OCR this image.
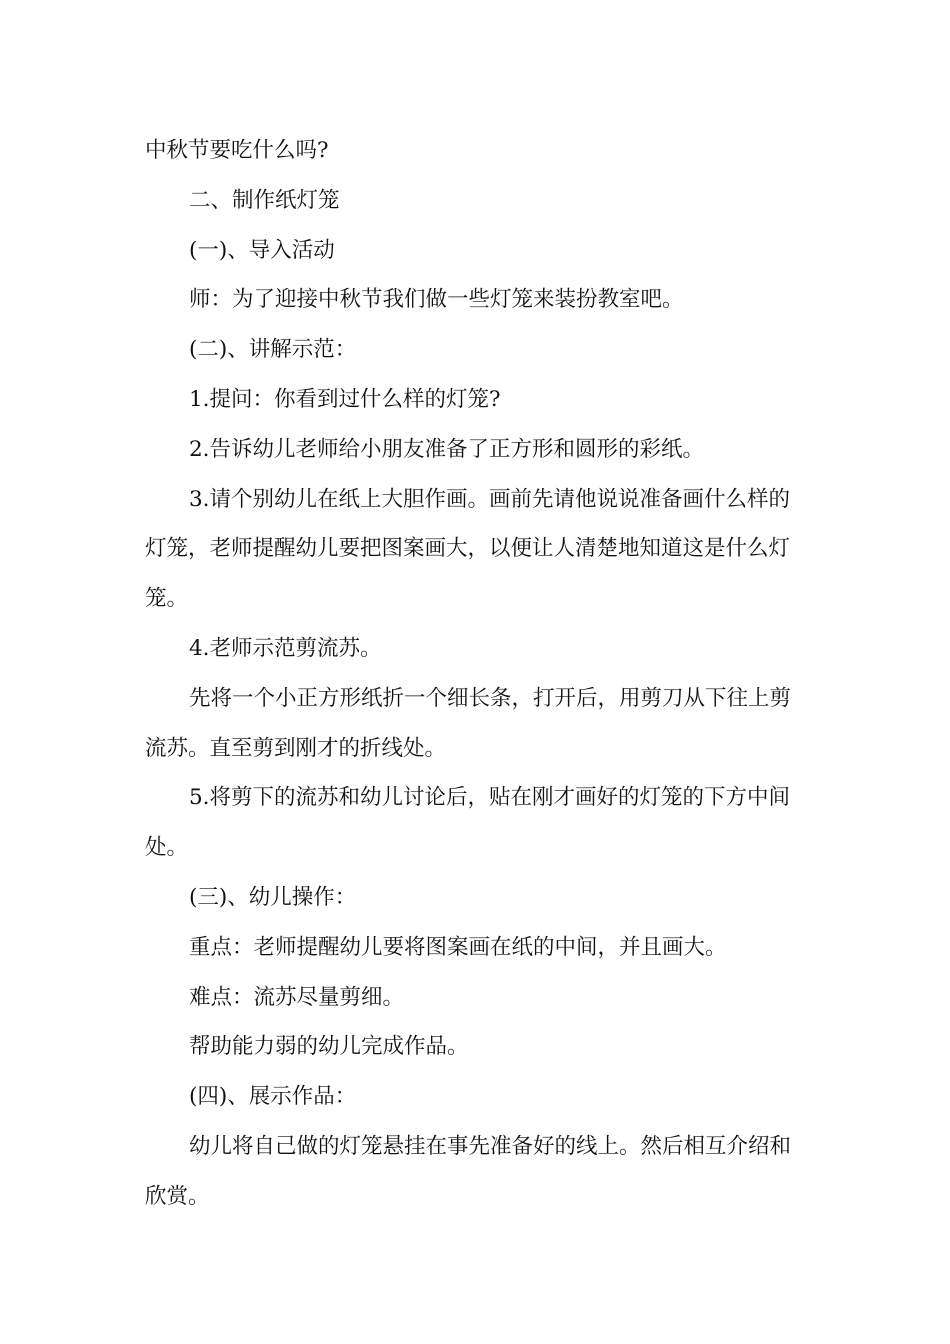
中秋节要吃什么吗?

二、制作纸灯笼

(一)、导入活动

师：为了迎接中秋节我们做一些灯笼来装扮教室吧。

(二)、讲解示范：

1.提问：你看到过什么样的灯笼?

2.告诉幼儿老师给小朋友准备了正方形和圆形的彩纸。

3.请个别幼儿在纸上大胆作画。画前先请他说说准备画什么样的灯笼，老师提醒幼儿要把图案画大，以便让人清楚地知道这是什么灯笼。

4.老师示范剪流苏。

先将一个小正方形纸折一个细长条，打开后，用剪刀从下往上剪流苏。直至剪到刚才的折线处。

5.将剪下的流苏和幼儿讨论后，贴在刚才画好的灯笼的下方中间处。

(三)、幼儿操作：

重点：老师提醒幼儿要将图案画在纸的中间，并且画大。

难点：流苏尽量剪细。

帮助能力弱的幼儿完成作品。

(四)、展示作品：

幼儿将自己做的灯笼悬挂在事先准备好的线上。然后相互介绍和欣赏。
